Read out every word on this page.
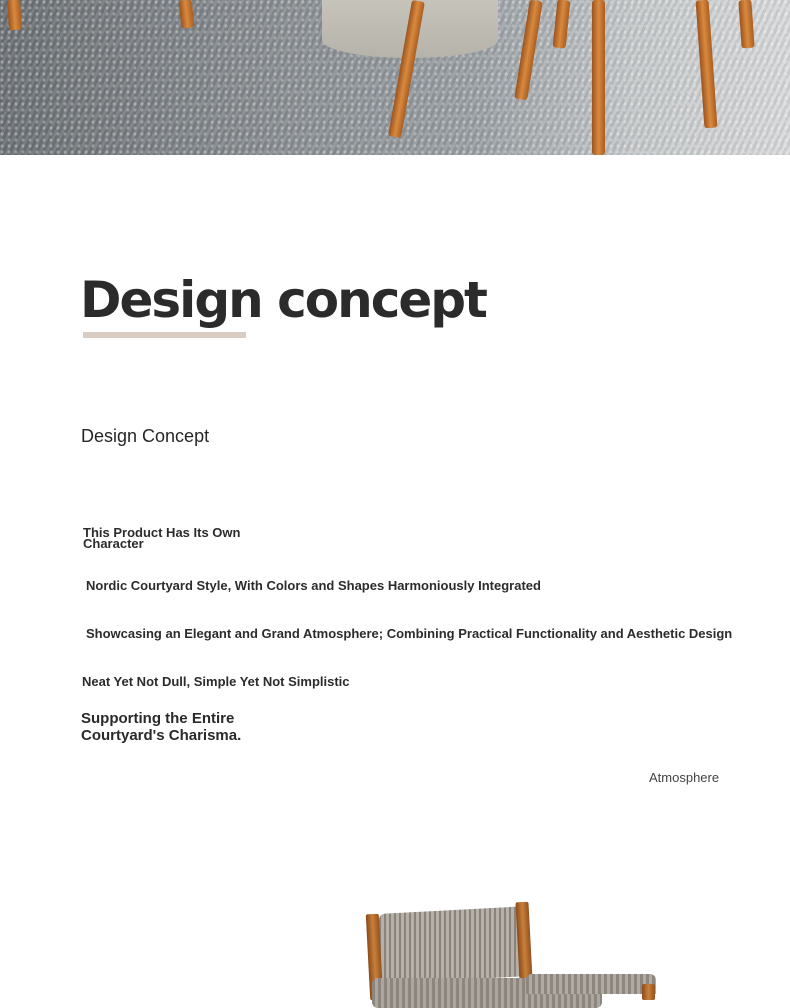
Design concept
Design Concept
This Product Has Its Own Character
Nordic Courtyard Style, With Colors and Shapes Harmoniously Integrated
Showcasing an Elegant and Grand Atmosphere; Combining Practical Functionality and Aesthetic Design
Neat Yet Not Dull, Simple Yet Not Simplistic
Supporting the Entire Courtyard's Charisma.
Atmosphere
